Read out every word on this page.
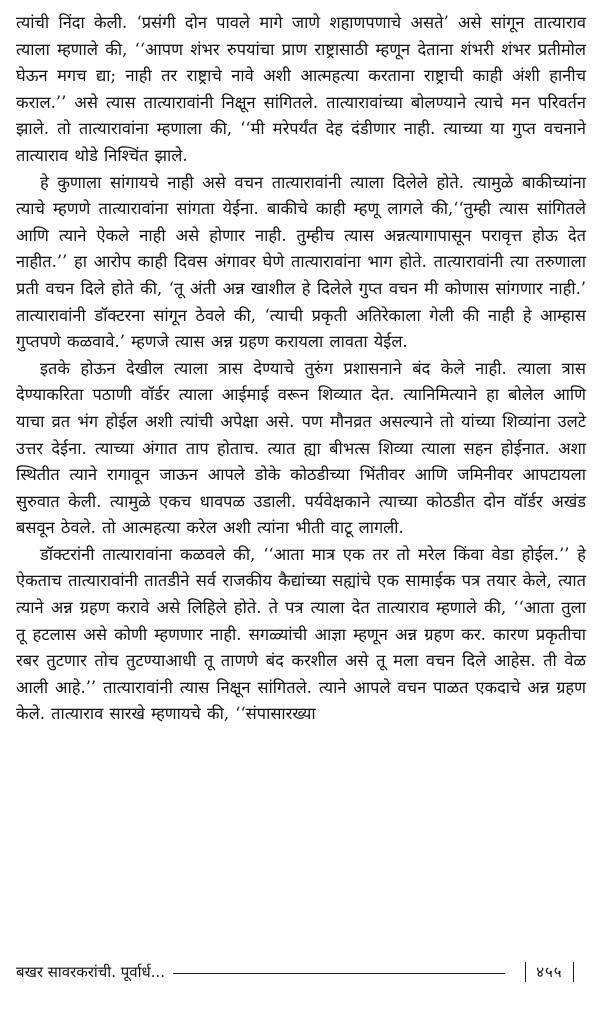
त्यांची निंदा केली. ‘प्रसंगी दोन पावले मागे जाणे शहाणपणाचे असते’ असे सांगून तात्याराव त्याला म्हणाले की, ‘‘आपण शंभर रुपयांचा प्राण राष्ट्रासाठी म्हणून देताना शंभरी शंभर प्रतीमोल घेऊन मगच द्या; नाही तर राष्ट्राचे नावे अशी आत्महत्या करताना राष्ट्राची काही अंशी हानीच कराल.’’ असे त्यास तात्यारावांनी निक्षून सांगितले. तात्यारावांच्या बोलण्याने त्याचे मन परिवर्तन झाले. तो तात्यारावांना म्हणाला की, ‘‘मी मरेपर्यंत देह दंडीणार नाही. त्याच्या या गुप्त वचनाने तात्याराव थोडे निश्चिंत झाले.

हे कुणाला सांगायचे नाही असे वचन तात्यारावांनी त्याला दिलेले होते. त्यामुळे बाकीच्यांना त्याचे म्हणणे तात्यारावांना सांगता येईना. बाकीचे काही म्हणू लागले की,‘‘तुम्ही त्यास सांगितले आणि त्याने ऐकले नाही असे होणार नाही. तुम्हीच त्यास अन्नत्यागापासून परावृत्त होऊ देत नाहीत.’’ हा आरोप काही दिवस अंगावर घेणे तात्यारावांना भाग होते. तात्यारावांनी त्या तरुणाला प्रती वचन दिले होते की, ‘तू अंती अन्न खाशील हे दिलेले गुप्त वचन मी कोणास सांगणार नाही.’ तात्यारावांनी डॉक्टरना सांगून ठेवले की, ‘त्याची प्रकृती अतिरेकाला गेली की नाही हे आम्हास गुप्तपणे कळवावे.’ म्हणजे त्यास अन्न ग्रहण करायला लावता येईल.

इतके होऊन देखील त्याला त्रास देण्याचे तुरुंग प्रशासनाने बंद केले नाही. त्याला त्रास देण्याकरिता पठाणी वॉर्डर त्याला आईमाई वरून शिव्यात देत. त्यानिमित्याने हा बोलेल आणि याचा व्रत भंग होईल अशी त्यांची अपेक्षा असे. पण मौनव्रत असल्याने तो यांच्या शिव्यांना उलटे उत्तर देईना. त्याच्या अंगात ताप होताच. त्यात ह्या बीभत्स शिव्या त्याला सहन होईनात. अशा स्थितीत त्याने रागावून जाऊन आपले डोके कोठडीच्या भिंतीवर आणि जमिनीवर आपटायला सुरुवात केली. त्यामुळे एकच धावपळ उडाली. पर्यवेक्षकाने त्याच्या कोठडीत दोन वॉर्डर अखंड बसवून ठेवले. तो आत्महत्या करेल अशी त्यांना भीती वाटू लागली.

डॉक्टरांनी तात्यारावांना कळवले की, ‘‘आता मात्र एक तर तो मरेल किंवा वेडा होईल.’’ हे ऐकताच तात्यारावांनी तातडीने सर्व राजकीय कैद्यांच्या सह्यांचे एक सामाईक पत्र तयार केले, त्यात त्याने अन्न ग्रहण करावे असे लिहिले होते. ते पत्र त्याला देत तात्याराव म्हणाले की, ‘‘आता तुला तू हटलास असे कोणी म्हणणार नाही. सगळ्यांची आज्ञा म्हणून अन्न ग्रहण कर. कारण प्रकृतीचा रबर तुटणार तोच तुटण्याआधी तू ताणणे बंद करशील असे तू मला वचन दिले आहेस. ती वेळ आली आहे.’’ तात्यारावांनी त्यास निक्षून सांगितले. त्याने आपले वचन पाळत एकदाचे अन्न ग्रहण केले. तात्याराव सारखे म्हणायचे की, ‘‘संपासारख्या

बखर सावरकरांची. पूर्वार्ध...	४५५
